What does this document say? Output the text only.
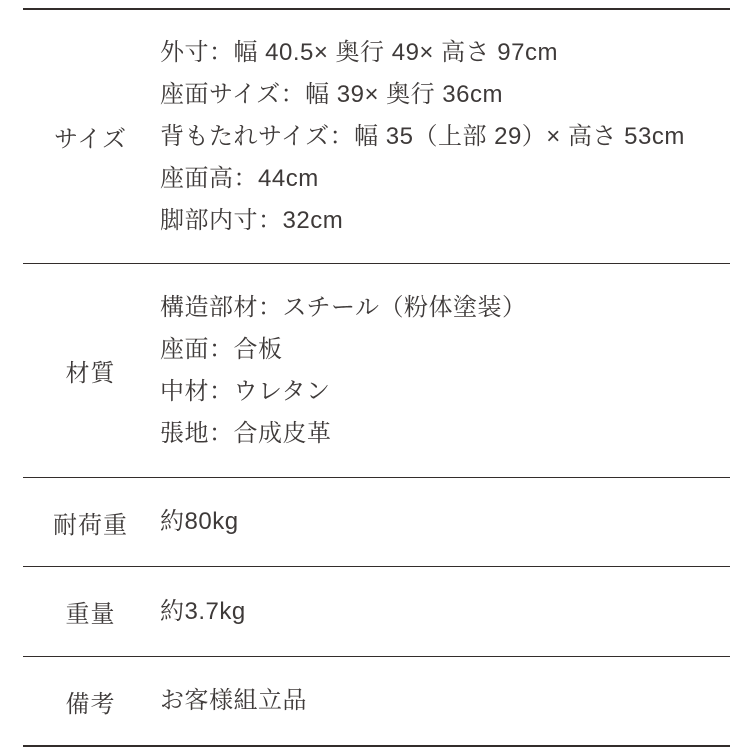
サイズ

外寸：幅 40.5× 奥行 49× 高さ 97cm

座面サイズ：幅 39× 奥行 36cm

背もたれサイズ：幅 35（上部 29）× 高さ 53cm

座面高：44cm

脚部内寸：32cm

材質

構造部材：スチール（粉体塗装）

座面：合板

中材：ウレタン

張地：合成皮革

耐荷重 約80kg

重量 約3.7kg

備考 お客様組立品
